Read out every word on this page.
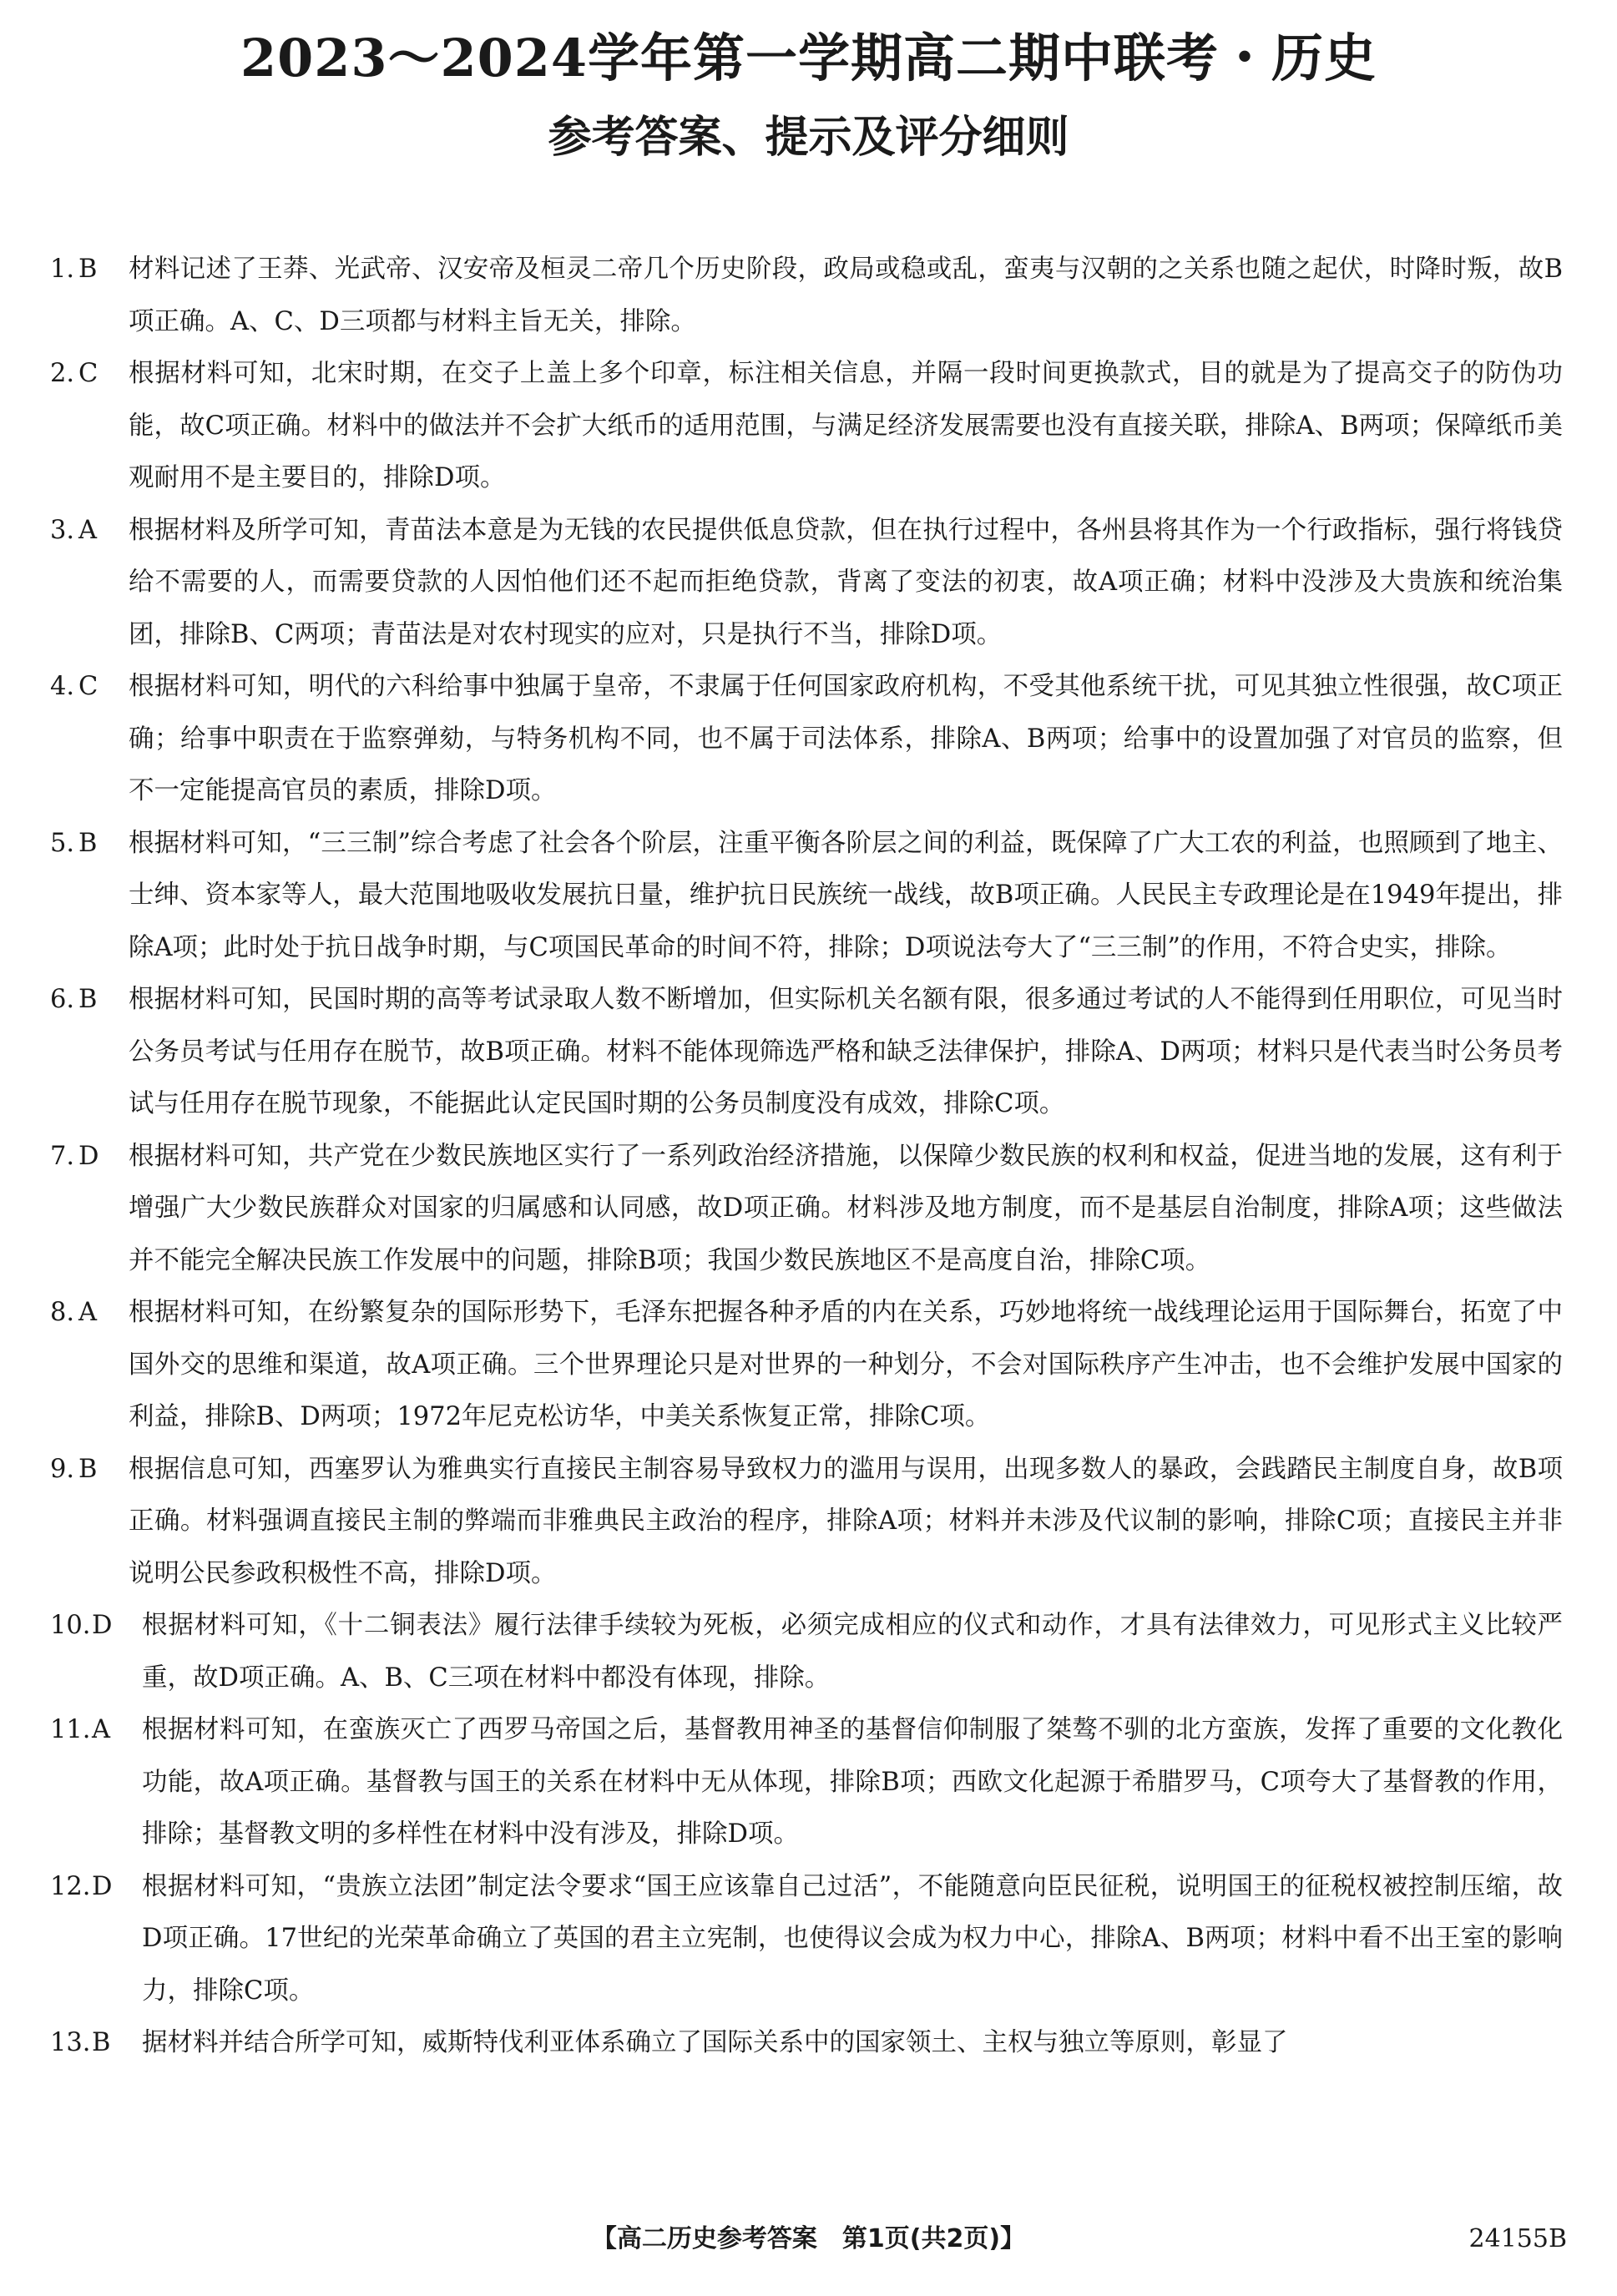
2023～2024学年第一学期高二期中联考・历史
参考答案、提示及评分细则
1. B 材料记述了王莽、光武帝、汉安帝及桓灵二帝几个历史阶段，政局或稳或乱，蛮夷与汉朝的之关系也随之起伏，时降时叛，故B项正确。A、C、D三项都与材料主旨无关，排除。
2. C 根据材料可知，北宋时期，在交子上盖上多个印章，标注相关信息，并隔一段时间更换款式，目的就是为了提高交子的防伪功能，故C项正确。材料中的做法并不会扩大纸币的适用范围，与满足经济发展需要也没有直接关联，排除A、B两项；保障纸币美观耐用不是主要目的，排除D项。
3. A 根据材料及所学可知，青苗法本意是为无钱的农民提供低息贷款，但在执行过程中，各州县将其作为一个行政指标，强行将钱贷给不需要的人，而需要贷款的人因怕他们还不起而拒绝贷款，背离了变法的初衷，故A项正确；材料中没涉及大贵族和统治集团，排除B、C两项；青苗法是对农村现实的应对，只是执行不当，排除D项。
4. C 根据材料可知，明代的六科给事中独属于皇帝，不隶属于任何国家政府机构，不受其他系统干扰，可见其独立性很强，故C项正确；给事中职责在于监察弹劾，与特务机构不同，也不属于司法体系，排除A、B两项；给事中的设置加强了对官员的监察，但不一定能提高官员的素质，排除D项。
5. B 根据材料可知，“三三制”综合考虑了社会各个阶层，注重平衡各阶层之间的利益，既保障了广大工农的利益，也照顾到了地主、士绅、资本家等人，最大范围地吸收发展抗日量，维护抗日民族统一战线，故B项正确。人民民主专政理论是在1949年提出，排除A项；此时处于抗日战争时期，与C项国民革命的时间不符，排除；D项说法夸大了“三三制”的作用，不符合史实，排除。
6. B 根据材料可知，民国时期的高等考试录取人数不断增加，但实际机关名额有限，很多通过考试的人不能得到任用职位，可见当时公务员考试与任用存在脱节，故B项正确。材料不能体现筛选严格和缺乏法律保护，排除A、D两项；材料只是代表当时公务员考试与任用存在脱节现象，不能据此认定民国时期的公务员制度没有成效，排除C项。
7. D 根据材料可知，共产党在少数民族地区实行了一系列政治经济措施，以保障少数民族的权利和权益，促进当地的发展，这有利于增强广大少数民族群众对国家的归属感和认同感，故D项正确。材料涉及地方制度，而不是基层自治制度，排除A项；这些做法并不能完全解决民族工作发展中的问题，排除B项；我国少数民族地区不是高度自治，排除C项。
8. A 根据材料可知，在纷繁复杂的国际形势下，毛泽东把握各种矛盾的内在关系，巧妙地将统一战线理论运用于国际舞台，拓宽了中国外交的思维和渠道，故A项正确。三个世界理论只是对世界的一种划分，不会对国际秩序产生冲击，也不会维护发展中国家的利益，排除B、D两项；1972年尼克松访华，中美关系恢复正常，排除C项。
9. B 根据信息可知，西塞罗认为雅典实行直接民主制容易导致权力的滥用与误用，出现多数人的暴政，会践踏民主制度自身，故B项正确。材料强调直接民主制的弊端而非雅典民主政治的程序，排除A项；材料并未涉及代议制的影响，排除C项；直接民主并非说明公民参政积极性不高，排除D项。
10. D 根据材料可知，《十二铜表法》履行法律手续较为死板，必须完成相应的仪式和动作，才具有法律效力，可见形式主义比较严重，故D项正确。A、B、C三项在材料中都没有体现，排除。
11. A 根据材料可知，在蛮族灭亡了西罗马帝国之后，基督教用神圣的基督信仰制服了桀骜不驯的北方蛮族，发挥了重要的文化教化功能，故A项正确。基督教与国王的关系在材料中无从体现，排除B项；西欧文化起源于希腊罗马，C项夸大了基督教的作用，排除；基督教文明的多样性在材料中没有涉及，排除D项。
12. D 根据材料可知，“贵族立法团”制定法令要求“国王应该靠自己过活”，不能随意向臣民征税，说明国王的征税权被控制压缩，故D项正确。17世纪的光荣革命确立了英国的君主立宪制，也使得议会成为权力中心，排除A、B两项；材料中看不出王室的影响力，排除C项。
13. B 据材料并结合所学可知，威斯特伐利亚体系确立了国际关系中的国家领土、主权与独立等原则，彰显了
【高二历史参考答案　第1页(共2页)】	24155B
